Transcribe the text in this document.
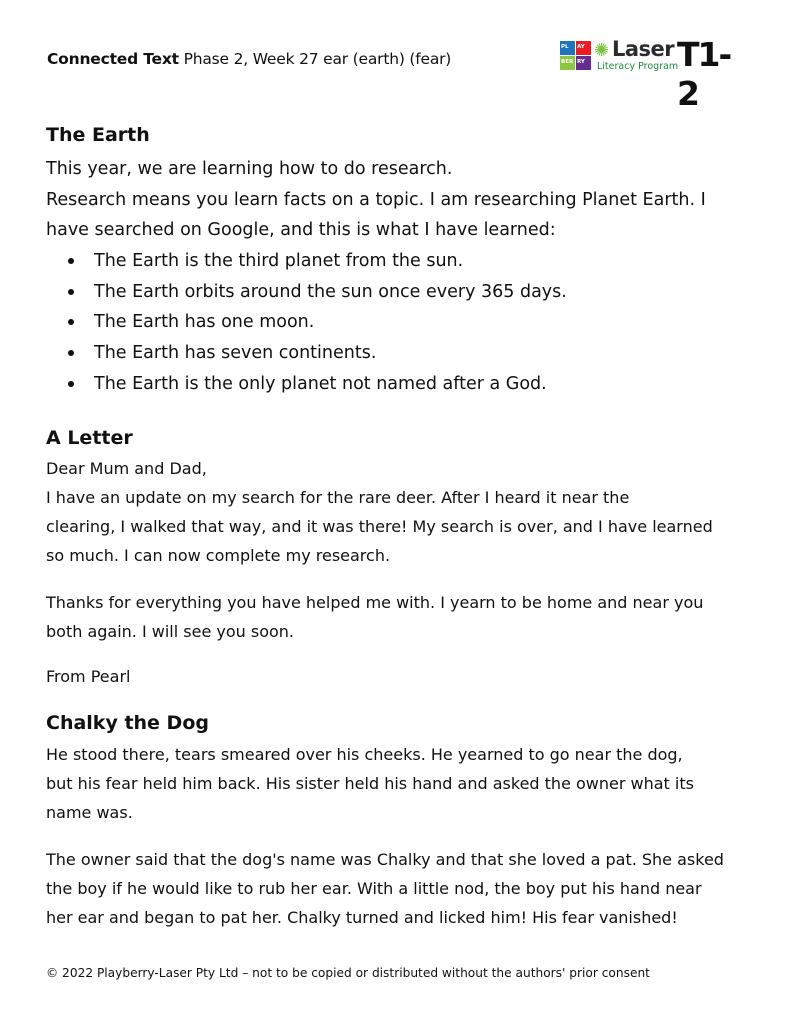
Connected Text Phase 2, Week 27 ear (earth) (fear)
PL AY
BER RY
✺ Laser
Literacy Program
T1-2
The Earth
This year, we are learning how to do research.
Research means you learn facts on a topic. I am researching Planet Earth. I
have searched on Google, and this is what I have learned:
The Earth is the third planet from the sun.
The Earth orbits around the sun once every 365 days.
The Earth has one moon.
The Earth has seven continents.
The Earth is the only planet not named after a God.
A Letter
Dear Mum and Dad,
I have an update on my search for the rare deer. After I heard it near the
clearing, I walked that way, and it was there! My search is over, and I have learned
so much. I can now complete my research.
Thanks for everything you have helped me with. I yearn to be home and near you
both again. I will see you soon.
From Pearl
Chalky the Dog
He stood there, tears smeared over his cheeks. He yearned to go near the dog,
but his fear held him back. His sister held his hand and asked the owner what its
name was.
The owner said that the dog's name was Chalky and that she loved a pat. She asked
the boy if he would like to rub her ear. With a little nod, the boy put his hand near
her ear and began to pat her. Chalky turned and licked him! His fear vanished!
© 2022 Playberry-Laser Pty Ltd – not to be copied or distributed without the authors' prior consent
